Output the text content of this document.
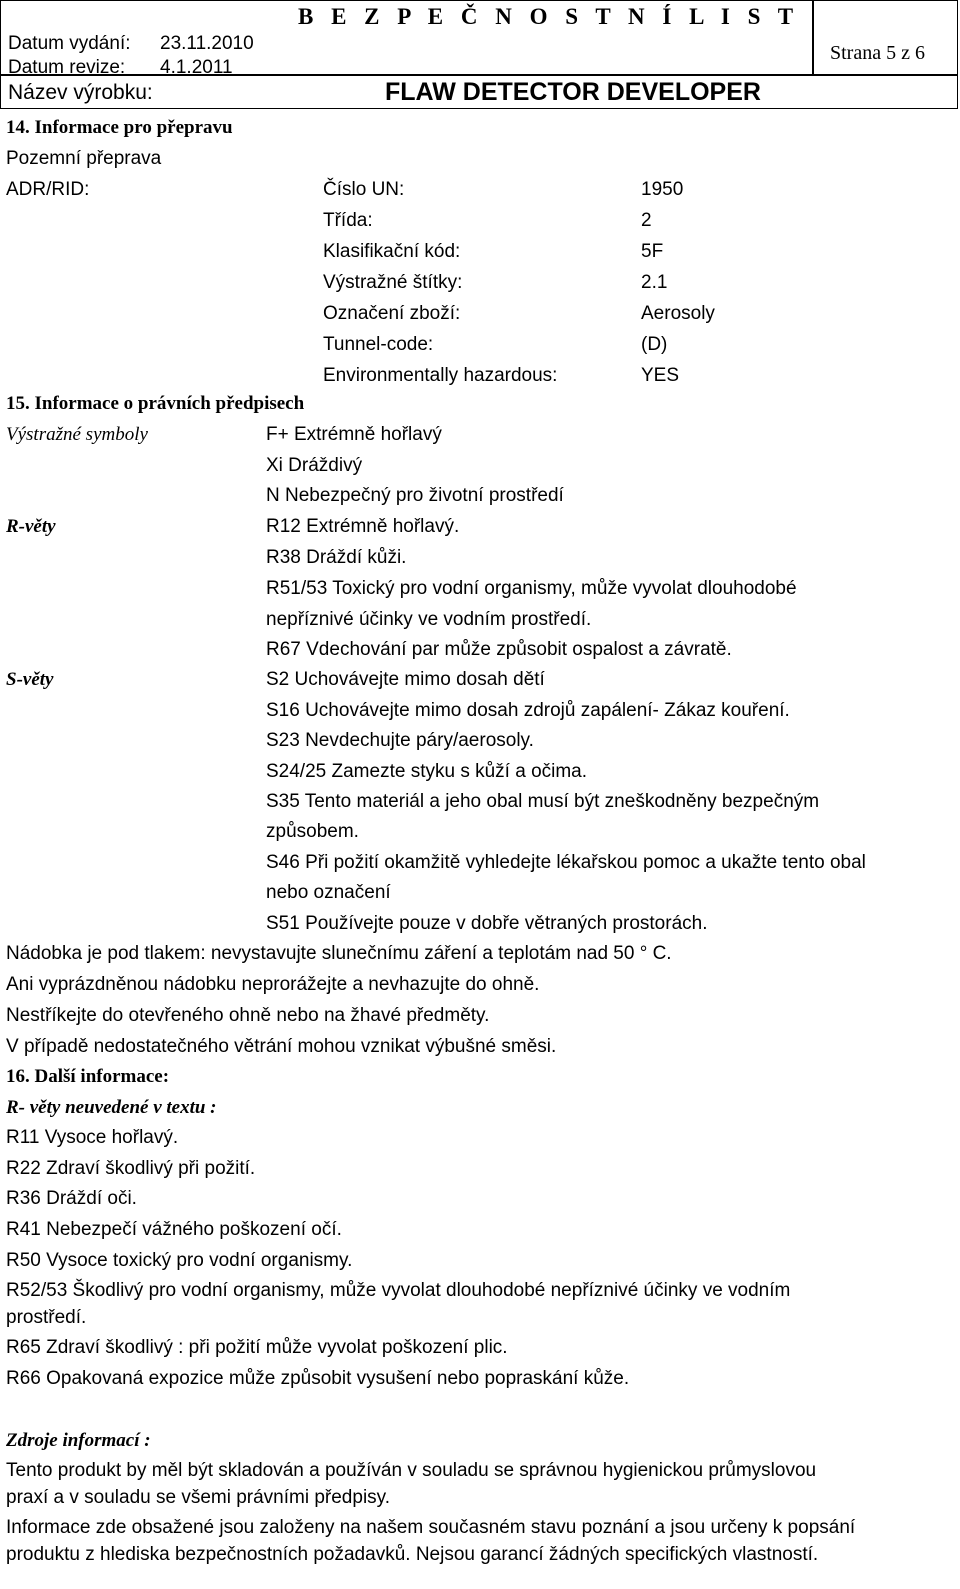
Datum vydání: 23.11.2010
Datum revize: 4.1.2011
B E Z P E Č N O S T N Í L I S T
Strana 5 z 6
Název výrobku:	FLAW DETECTOR DEVELOPER
14. Informace pro přepravu
Pozemní přeprava
ADR/RID:	Číslo UN:	1950
Třída:	2
Klasifikační kód:	5F
Výstražné štítky:	2.1
Označení zboží:	Aerosoly
Tunnel-code:	(D)
Environmentally hazardous:	YES
15. Informace o právních předpisech
Výstražné symboly	F+ Extrémně hořlavý
Xi Dráždivý
N Nebezpečný pro životní prostředí
R-věty	R12 Extrémně hořlavý.
R38 Dráždí kůži.
R51/53 Toxický pro vodní organismy, může vyvolat dlouhodobé
nepříznivé účinky ve vodním prostředí.
R67 Vdechování par může způsobit ospalost a závratě.
S-věty	S2 Uchovávejte mimo dosah dětí
S16 Uchovávejte mimo dosah zdrojů zapálení- Zákaz kouření.
S23 Nevdechujte páry/aerosoly.
S24/25 Zamezte styku s kůží a očima.
S35 Tento materiál a jeho obal musí být zneškodněny bezpečným
způsobem.
S46 Při požití okamžitě vyhledejte lékařskou pomoc a ukažte tento obal
nebo označení
S51 Používejte pouze v dobře větraných prostorách.
Nádobka je pod tlakem: nevystavujte slunečnímu záření a teplotám nad 50 ° C.
Ani vyprázdněnou nádobku neprorážejte a nevhazujte do ohně.
Nestříkejte do otevřeného ohně nebo na žhavé předměty.
V případě nedostatečného větrání mohou vznikat výbušné směsi.
16. Další informace:
R- věty neuvedené v textu :
R11 Vysoce hořlavý.
R22 Zdraví škodlivý při požití.
R36 Dráždí oči.
R41 Nebezpečí vážného poškození očí.
R50 Vysoce toxický pro vodní organismy.
R52/53 Škodlivý pro vodní organismy, může vyvolat dlouhodobé nepříznivé účinky ve vodním
prostředí.
R65 Zdraví škodlivý : při požití může vyvolat poškození plic.
R66 Opakovaná expozice může způsobit vysušení nebo popraskání kůže.
Zdroje informací :
Tento produkt by měl být skladován a používán v souladu se správnou hygienickou průmyslovou
praxí a v souladu se všemi právními předpisy.
Informace zde obsažené jsou založeny na našem současném stavu poznání a jsou určeny k popsání
produktu z hlediska bezpečnostních požadavků. Nejsou garancí žádných specifických vlastností.
